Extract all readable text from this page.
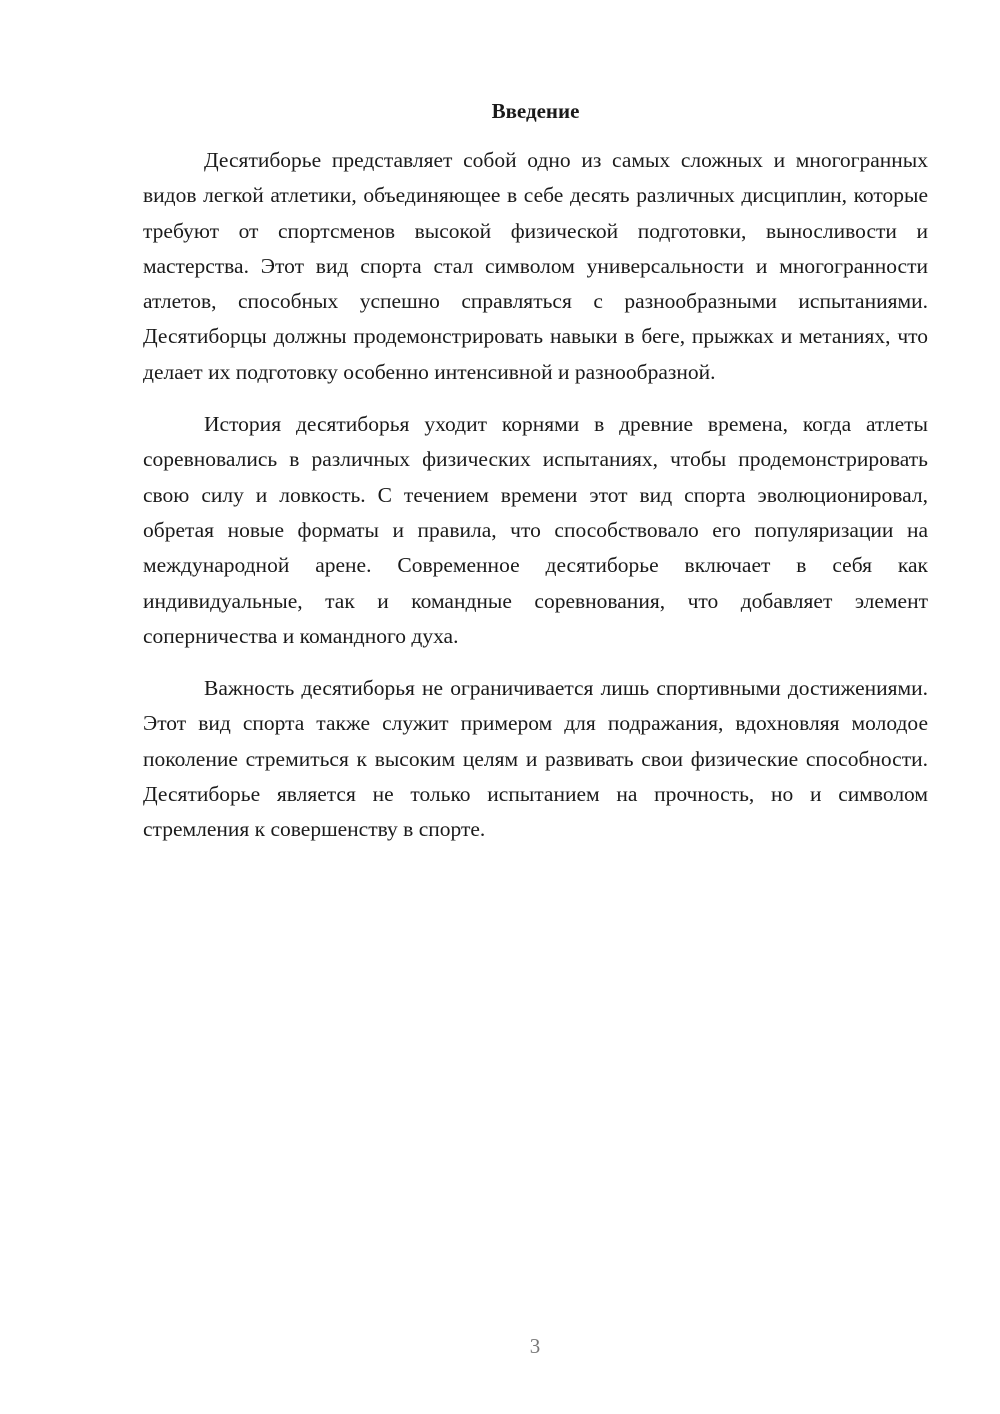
Введение

Десятиборье представляет собой одно из самых сложных и многогранных видов легкой атлетики, объединяющее в себе десять различных дисциплин, которые требуют от спортсменов высокой физической подготовки, выносливости и мастерства. Этот вид спорта стал символом универсальности и многогранности атлетов, способных успешно справляться с разнообразными испытаниями. Десятиборцы должны продемонстрировать навыки в беге, прыжках и метаниях, что делает их подготовку особенно интенсивной и разнообразной.

История десятиборья уходит корнями в древние времена, когда атлеты соревновались в различных физических испытаниях, чтобы продемонстрировать свою силу и ловкость. С течением времени этот вид спорта эволюционировал, обретая новые форматы и правила, что способствовало его популяризации на международной арене. Современное десятиборье включает в себя как индивидуальные, так и командные соревнования, что добавляет элемент соперничества и командного духа.

Важность десятиборья не ограничивается лишь спортивными достижениями. Этот вид спорта также служит примером для подражания, вдохновляя молодое поколение стремиться к высоким целям и развивать свои физические способности. Десятиборье является не только испытанием на прочность, но и символом стремления к совершенству в спорте.

3
